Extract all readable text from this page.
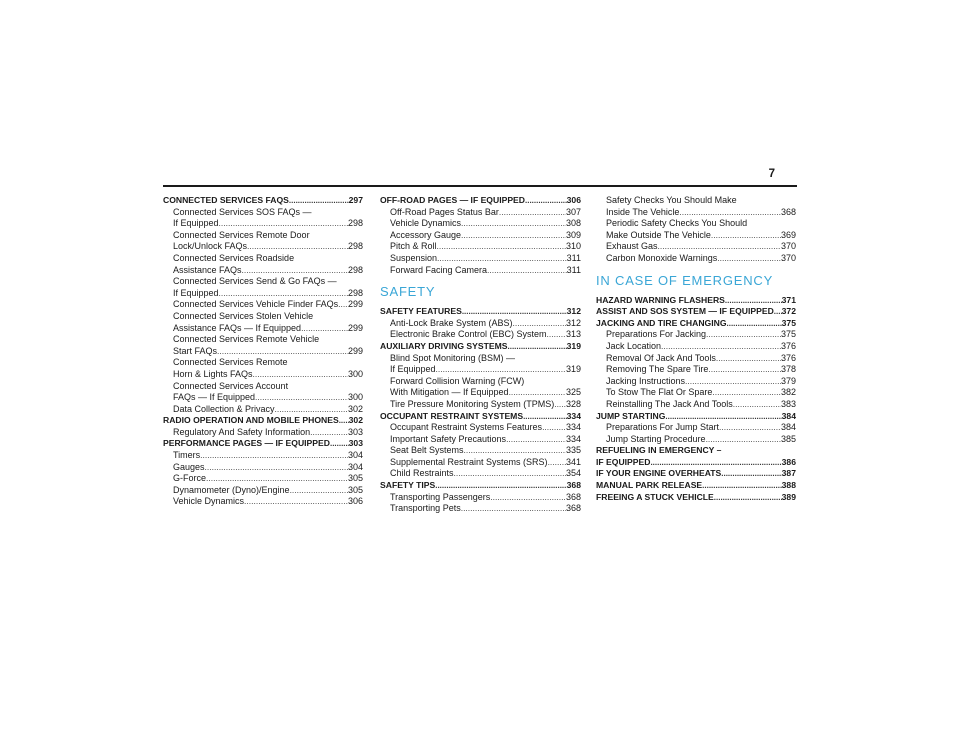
7
CONNECTED SERVICES FAQS .....	297
Connected Services SOS FAQs —
If Equipped .....	298
Connected Services Remote Door
Lock/Unlock FAQs .....	298
Connected Services Roadside
Assistance FAQs .....	298
Connected Services Send & Go FAQs —
If Equipped .....	298
Connected Services Vehicle Finder FAQs ..... 299
Connected Services Stolen Vehicle
Assistance FAQs — If Equipped .....	299
Connected Services Remote Vehicle
Start FAQs .....	299
Connected Services Remote
Horn & Lights FAQs .....	300
Connected Services Account
FAQs — If Equipped .....	300
Data Collection & Privacy .....	302
RADIO OPERATION AND MOBILE PHONES ..... 302
Regulatory And Safety Information .....	303
PERFORMANCE PAGES — IF EQUIPPED ..... 303
Timers .....	304
Gauges .....	304
G-Force .....	305
Dynamometer (Dyno)/Engine .....	305
Vehicle Dynamics .....	306
OFF-ROAD PAGES — IF EQUIPPED .....	306
Off-Road Pages Status Bar .....	307
Vehicle Dynamics .....	308
Accessory Gauge .....	309
Pitch & Roll .....	310
Suspension .....	311
Forward Facing Camera .....	311
SAFETY
SAFETY FEATURES .....	312
Anti-Lock Brake System (ABS) .....	312
Electronic Brake Control (EBC) System ..... 313
AUXILIARY DRIVING SYSTEMS .....	319
Blind Spot Monitoring (BSM) —
If Equipped .....	319
Forward Collision Warning (FCW)
With Mitigation — If Equipped .....	325
Tire Pressure Monitoring System (TPMS) ..... 328
OCCUPANT RESTRAINT SYSTEMS .....	334
Occupant Restraint Systems Features .....	334
Important Safety Precautions .....	334
Seat Belt Systems .....	335
Supplemental Restraint Systems (SRS) ..... 341
Child Restraints .....	354
SAFETY TIPS .....	368
Transporting Passengers .....	368
Transporting Pets .....	368
Safety Checks You Should Make
Inside The Vehicle .....	368
Periodic Safety Checks You Should
Make Outside The Vehicle .....	369
Exhaust Gas .....	370
Carbon Monoxide Warnings .....	370
IN CASE OF EMERGENCY
HAZARD WARNING FLASHERS .....	371
ASSIST AND SOS SYSTEM — IF EQUIPPED ..... 372
JACKING AND TIRE CHANGING .....	375
Preparations For Jacking .....	375
Jack Location .....	376
Removal Of Jack And Tools .....	376
Removing The Spare Tire .....	378
Jacking Instructions .....	379
To Stow The Flat Or Spare .....	382
Reinstalling The Jack And Tools .....	383
JUMP STARTING .....	384
Preparations For Jump Start .....	384
Jump Starting Procedure .....	385
REFUELING IN EMERGENCY –
IF EQUIPPED .....	386
IF YOUR ENGINE OVERHEATS .....	387
MANUAL PARK RELEASE .....	388
FREEING A STUCK VEHICLE .....	389
